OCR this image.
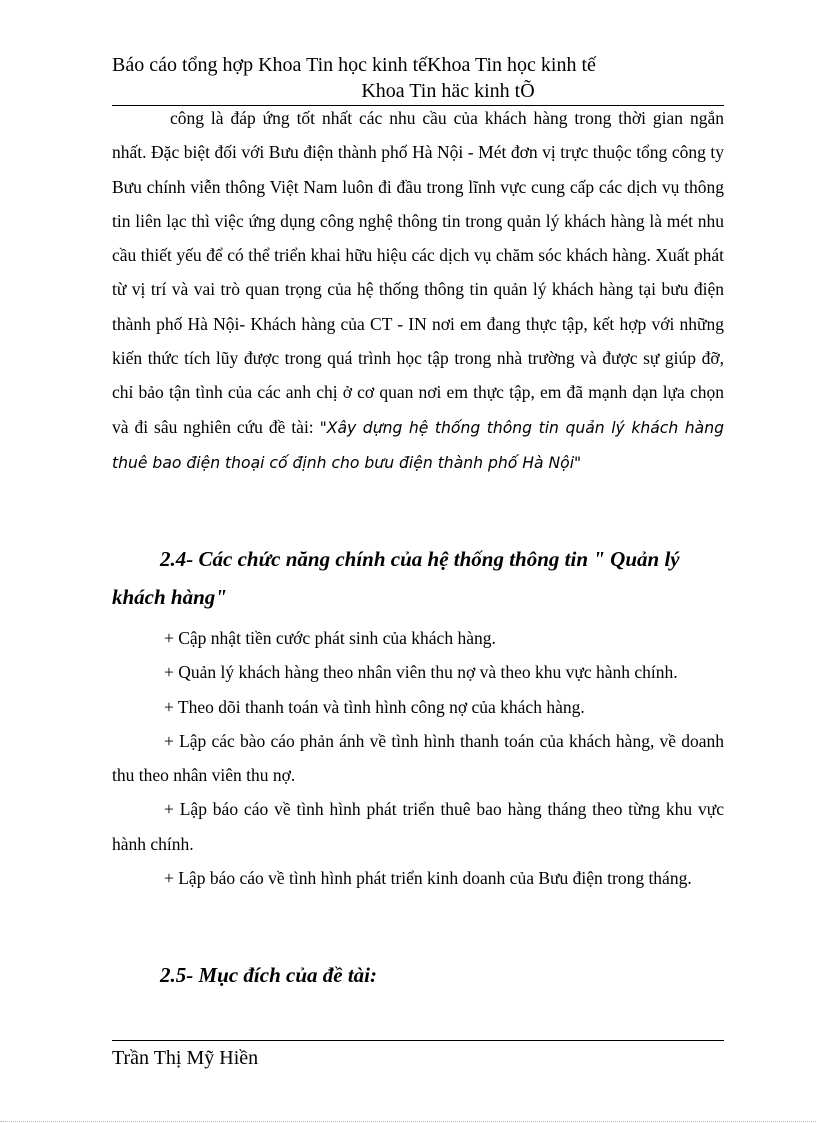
Báo cáo tổng hợp Khoa Tin học kinh tếKhoa Tin học kinh tế
Khoa Tin häc kinh tÕ

công là đáp ứng tốt nhất các nhu cầu của khách hàng trong thời gian ngắn nhất. Đặc biệt đối với Bưu điện thành phố Hà Nội - Mét đơn vị trực thuộc tổng công ty Bưu chính viễn thông Việt Nam luôn đi đầu trong lĩnh vực cung cấp các dịch vụ thông tin liên lạc thì việc ứng dụng công nghệ thông tin trong quản lý khách hàng là mét nhu cầu thiết yếu để có thể triển khai hữu hiệu các dịch vụ chăm sóc khách hàng. Xuất phát từ vị trí và vai trò quan trọng của hệ thống thông tin quản lý khách hàng tại bưu điện thành phố Hà Nội- Khách hàng của CT - IN nơi em đang thực tập, kết hợp với những kiến thức tích lũy được trong quá trình học tập trong nhà trường và được sự giúp đỡ, chỉ bảo tận tình của các anh chị ở cơ quan nơi em thực tập, em đã mạnh dạn lựa chọn và đi sâu nghiên cứu đề tài: "Xây dựng hệ thống thông tin quản lý khách hàng thuê bao điện thoại cố định cho bưu điện thành phố Hà Nội"

2.4- Các chức năng chính của hệ thống thông tin " Quản lý
khách hàng"

+ Cập nhật tiền cước phát sinh của khách hàng.

+ Quản lý khách hàng theo nhân viên thu nợ và theo khu vực hành chính.

+ Theo dõi thanh toán và tình hình công nợ của khách hàng.

+ Lập các bào cáo phản ánh về tình hình thanh toán của khách hàng, về doanh thu theo nhân viên thu nợ.

+ Lập báo cáo về tình hình phát triển thuê bao hàng tháng theo từng khu vực hành chính.

+ Lập báo cáo về tình hình phát triển kinh doanh của Bưu điện trong tháng.

2.5- Mục đích của đề tài:
Trần Thị Mỹ Hiền
